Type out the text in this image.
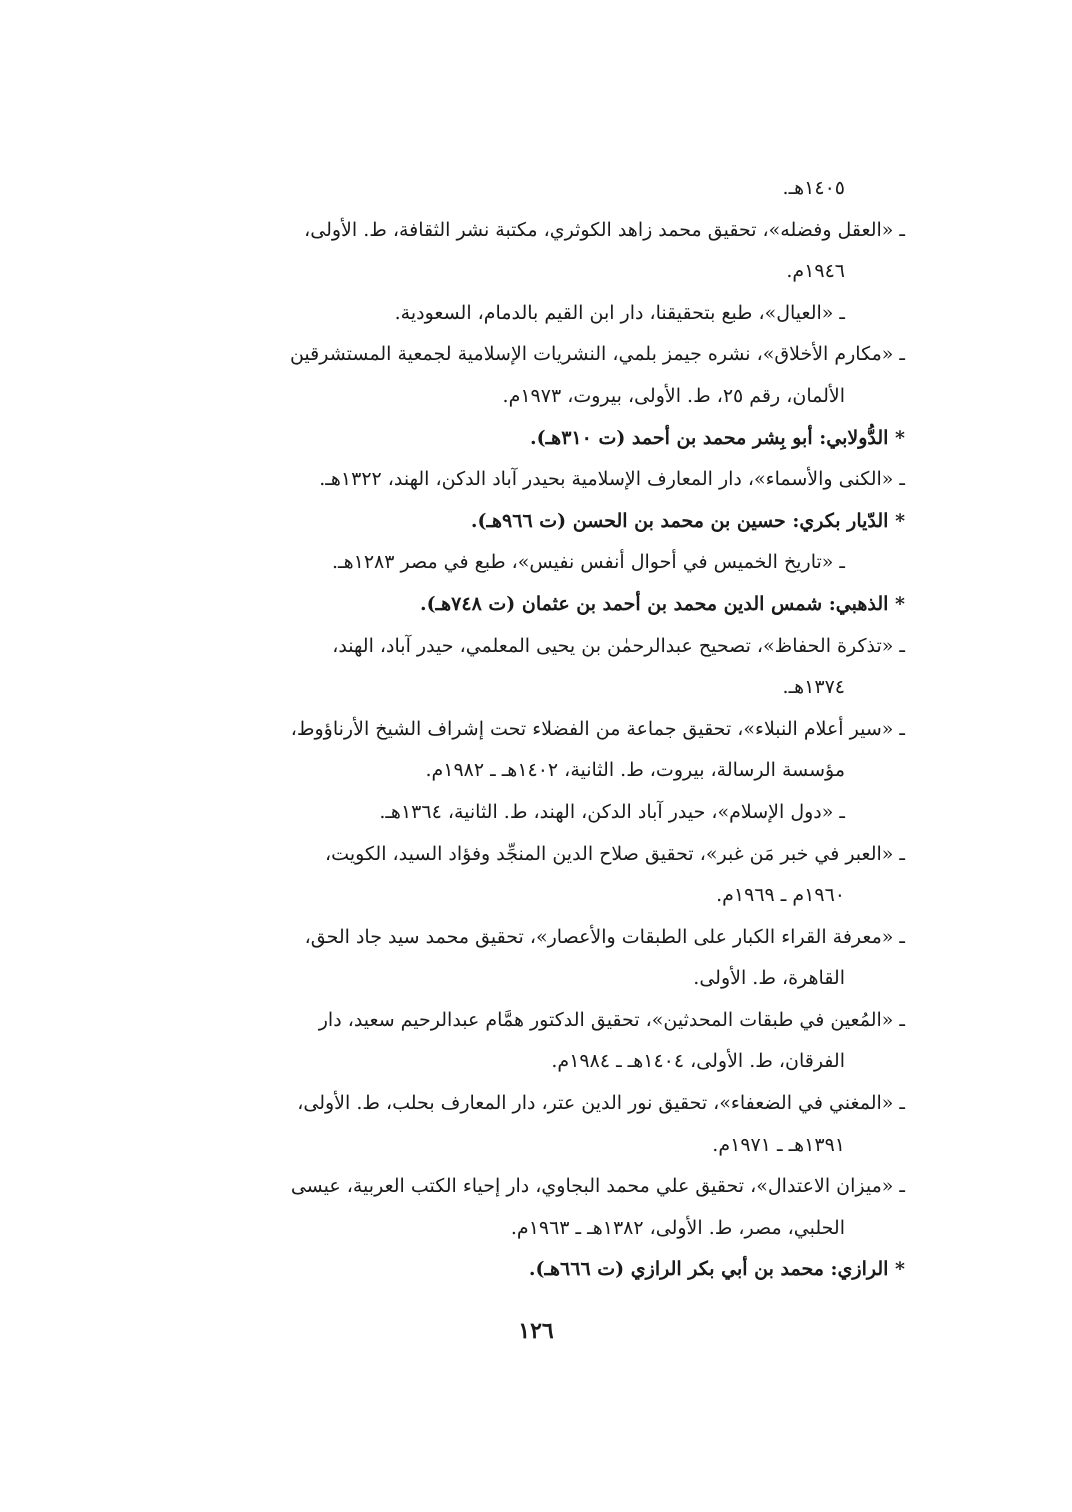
١٤٠٥هـ.

ـ «العقل وفضله»، تحقيق محمد زاهد الكوثري، مكتبة نشر الثقافة، ط. الأولى،

١٩٤٦م.

ـ «العيال»، طبع بتحقيقنا، دار ابن القيم بالدمام، السعودية.

ـ «مكارم الأخلاق»، نشره جيمز بلمي، النشريات الإسلامية لجمعية المستشرقين

الألمان، رقم ٢٥، ط. الأولى، بيروت، ١٩٧٣م.

* الدُّولابي: أبو بِشر محمد بن أحمد (ت ٣١٠هـ).

ـ «الكنى والأسماء»، دار المعارف الإسلامية بحيدر آباد الدكن، الهند، ١٣٢٢هـ.

* الدّيار بكري: حسين بن محمد بن الحسن (ت ٩٦٦هـ).

ـ «تاريخ الخميس في أحوال أنفس نفيس»، طبع في مصر ١٢٨٣هـ.

* الذهبي: شمس الدين محمد بن أحمد بن عثمان (ت ٧٤٨هـ).

ـ «تذكرة الحفاظ»، تصحيح عبدالرحمٰن بن يحيى المعلمي، حيدر آباد، الهند،

١٣٧٤هـ.

ـ «سير أعلام النبلاء»، تحقيق جماعة من الفضلاء تحت إشراف الشيخ الأرناؤوط،

مؤسسة الرسالة، بيروت، ط. الثانية، ١٤٠٢هـ ـ ١٩٨٢م.

ـ «دول الإسلام»، حيدر آباد الدكن، الهند، ط. الثانية، ١٣٦٤هـ.

ـ «العبر في خبر مَن غبر»، تحقيق صلاح الدين المنجِّد وفؤاد السيد، الكويت،

١٩٦٠م ـ ١٩٦٩م.

ـ «معرفة القراء الكبار على الطبقات والأعصار»، تحقيق محمد سيد جاد الحق،

القاهرة، ط. الأولى.

ـ «المُعين في طبقات المحدثين»، تحقيق الدكتور همَّام عبدالرحيم سعيد، دار

الفرقان، ط. الأولى، ١٤٠٤هـ ـ ١٩٨٤م.

ـ «المغني في الضعفاء»، تحقيق نور الدين عتر، دار المعارف بحلب، ط. الأولى،

١٣٩١هـ ـ ١٩٧١م.

ـ «ميزان الاعتدال»، تحقيق علي محمد البجاوي، دار إحياء الكتب العربية، عيسى

الحلبي، مصر، ط. الأولى، ١٣٨٢هـ ـ ١٩٦٣م.

* الرازي: محمد بن أبي بكر الرازي (ت ٦٦٦هـ).

١٢٦
